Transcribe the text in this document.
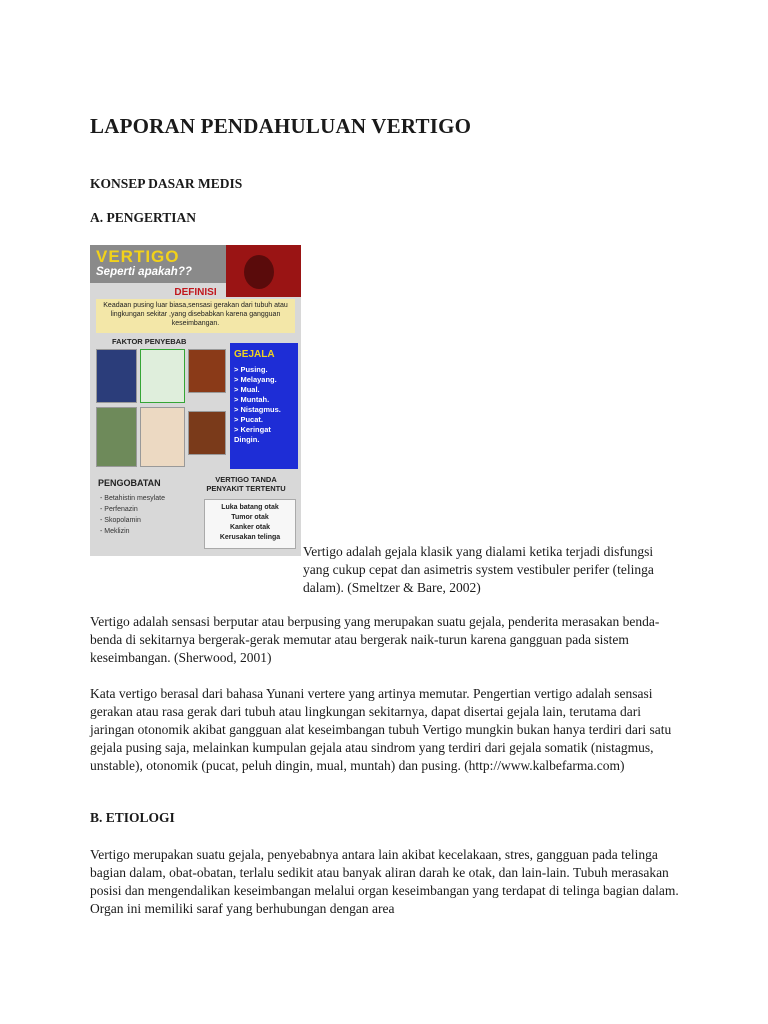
LAPORAN PENDAHULUAN VERTIGO
KONSEP DASAR MEDIS
A. PENGERTIAN
VERTIGO
Seperti apakah??
DEFINISI
Keadaan pusing luar biasa,sensasi gerakan dari tubuh atau lingkungan sekitar ,yang disebabkan karena gangguan keseimbangan.
FAKTOR PENYEBAB
GEJALA
> Pusing.
> Melayang.
> Mual.
> Muntah.
> Nistagmus.
> Pucat.
> Keringat Dingin.
PENGOBATAN
- Betahistin mesylate
- Perfenazin
- Skopolamin
- Meklizin
VERTIGO TANDA PENYAKIT TERTENTU
Luka batang otak
Tumor otak
Kanker otak
Kerusakan telinga
Vertigo adalah gejala klasik yang dialami ketika terjadi disfungsi yang cukup cepat dan asimetris system vestibuler perifer (telinga dalam). (Smeltzer & Bare, 2002)
Vertigo adalah sensasi berputar atau berpusing yang merupakan suatu gejala, penderita merasakan benda-benda di sekitarnya bergerak-gerak memutar atau bergerak naik-turun karena gangguan pada sistem keseimbangan. (Sherwood, 2001)
Kata vertigo berasal dari bahasa Yunani vertere yang artinya memutar. Pengertian vertigo adalah sensasi gerakan atau rasa gerak dari tubuh atau lingkungan sekitarnya, dapat disertai gejala lain, terutama dari jaringan otonomik akibat gangguan alat keseimbangan tubuh Vertigo mungkin bukan hanya terdiri dari satu gejala pusing saja, melainkan kumpulan gejala atau sindrom yang terdiri dari gejala somatik (nistagmus, unstable), otonomik (pucat, peluh dingin, mual, muntah) dan pusing. (http://www.kalbefarma.com)
B. ETIOLOGI
Vertigo merupakan suatu gejala, penyebabnya antara lain akibat kecelakaan, stres, gangguan pada telinga bagian dalam, obat-obatan, terlalu sedikit atau banyak aliran darah ke otak, dan lain-lain. Tubuh merasakan posisi dan mengendalikan keseimbangan melalui organ keseimbangan yang terdapat di telinga bagian dalam. Organ ini memiliki saraf yang berhubungan dengan area
